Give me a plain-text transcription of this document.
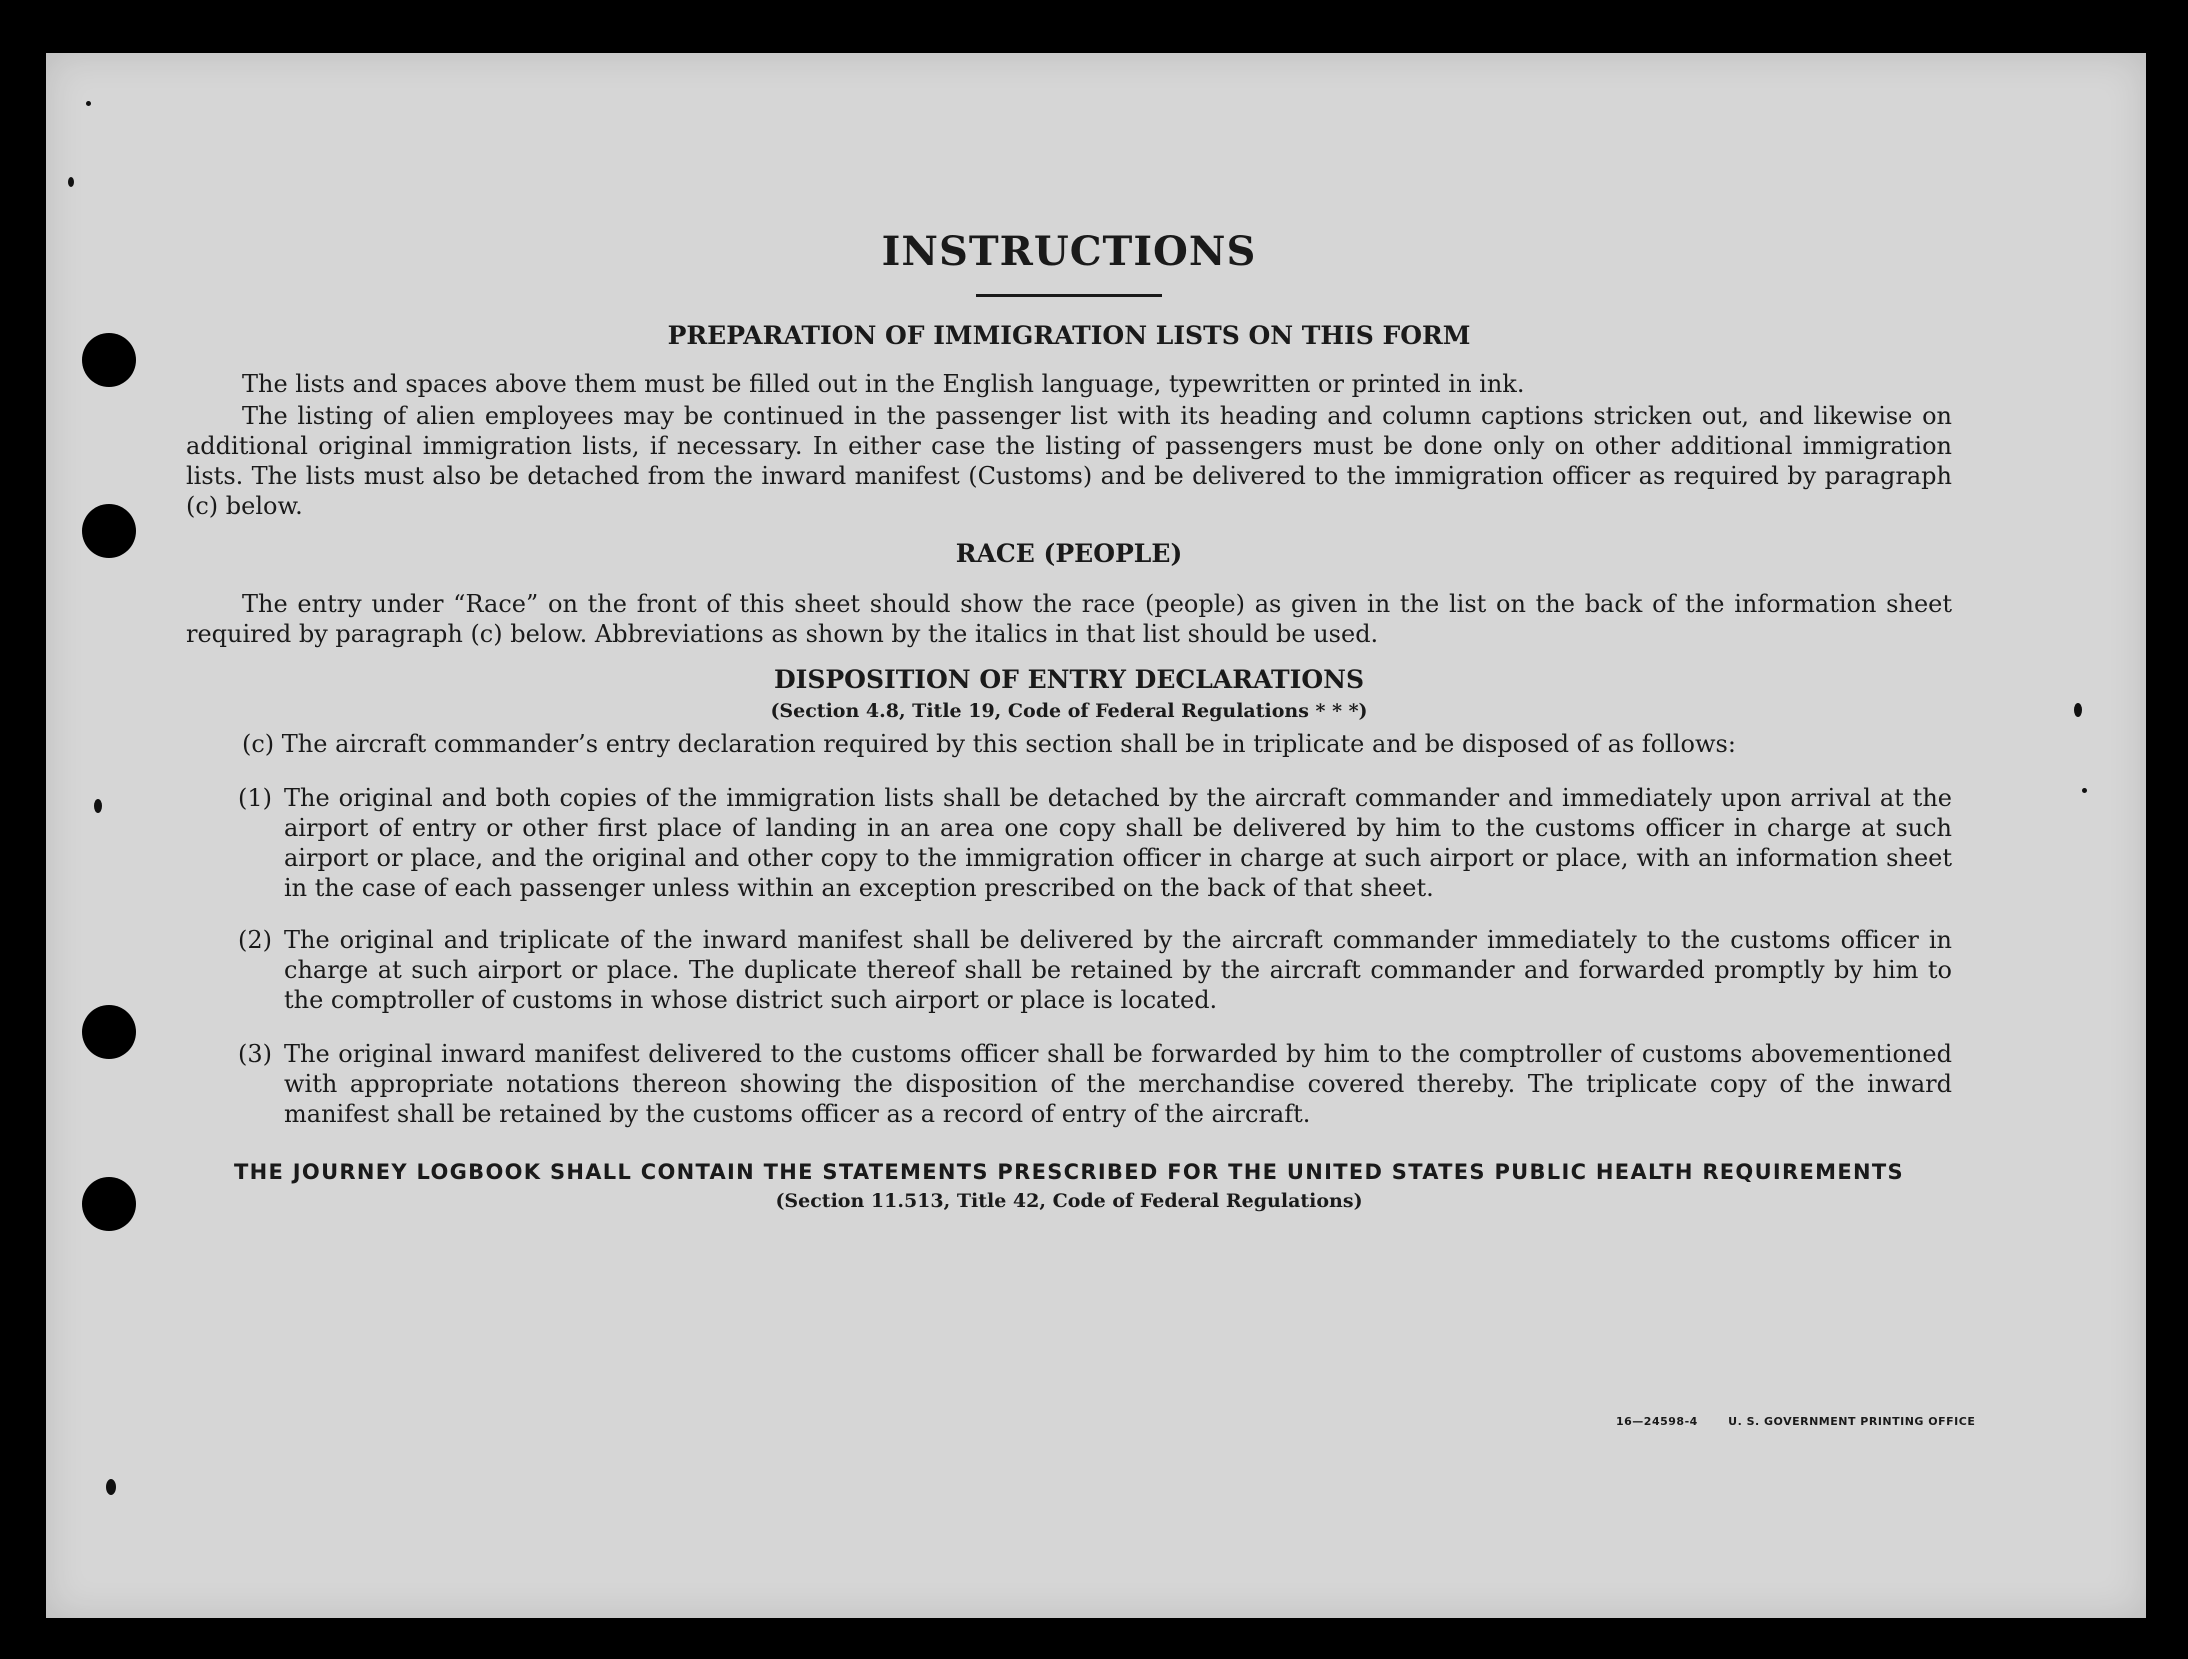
16—24598-4	U. S. GOVERNMENT PRINTING OFFICE
INSTRUCTIONS
PREPARATION OF IMMIGRATION LISTS ON THIS FORM

The lists and spaces above them must be filled out in the English language, typewritten or printed in ink.

The listing of alien employees may be continued in the passenger list with its heading and column captions stricken out, and likewise on additional original immigration lists, if necessary. In either case the listing of passengers must be done only on other additional immigration lists. The lists must also be detached from the inward manifest (Customs) and be delivered to the immigration officer as required by paragraph (c) below.

RACE (PEOPLE)

The entry under “Race” on the front of this sheet should show the race (people) as given in the list on the back of the information sheet required by paragraph (c) below. Abbreviations as shown by the italics in that list should be used.

DISPOSITION OF ENTRY DECLARATIONS
(Section 4.8, Title 19, Code of Federal Regulations * * *)

(c) The aircraft commander’s entry declaration required by this section shall be in triplicate and be disposed of as follows:

(1) The original and both copies of the immigration lists shall be detached by the aircraft commander and immediately upon arrival at the airport of entry or other first place of landing in an area one copy shall be delivered by him to the customs officer in charge at such airport or place, and the original and other copy to the immigration officer in charge at such airport or place, with an information sheet in the case of each passenger unless within an exception prescribed on the back of that sheet.
(2) The original and triplicate of the inward manifest shall be delivered by the aircraft commander immediately to the customs officer in charge at such airport or place. The duplicate thereof shall be retained by the aircraft commander and forwarded promptly by him to the comptroller of customs in whose district such airport or place is located.
(3) The original inward manifest delivered to the customs officer shall be forwarded by him to the comptroller of customs abovementioned with appropriate notations thereon showing the disposition of the merchandise covered thereby. The triplicate copy of the inward manifest shall be retained by the customs officer as a record of entry of the aircraft.
THE JOURNEY LOGBOOK SHALL CONTAIN THE STATEMENTS PRESCRIBED FOR THE UNITED STATES PUBLIC HEALTH REQUIREMENTS
(Section 11.513, Title 42, Code of Federal Regulations)
